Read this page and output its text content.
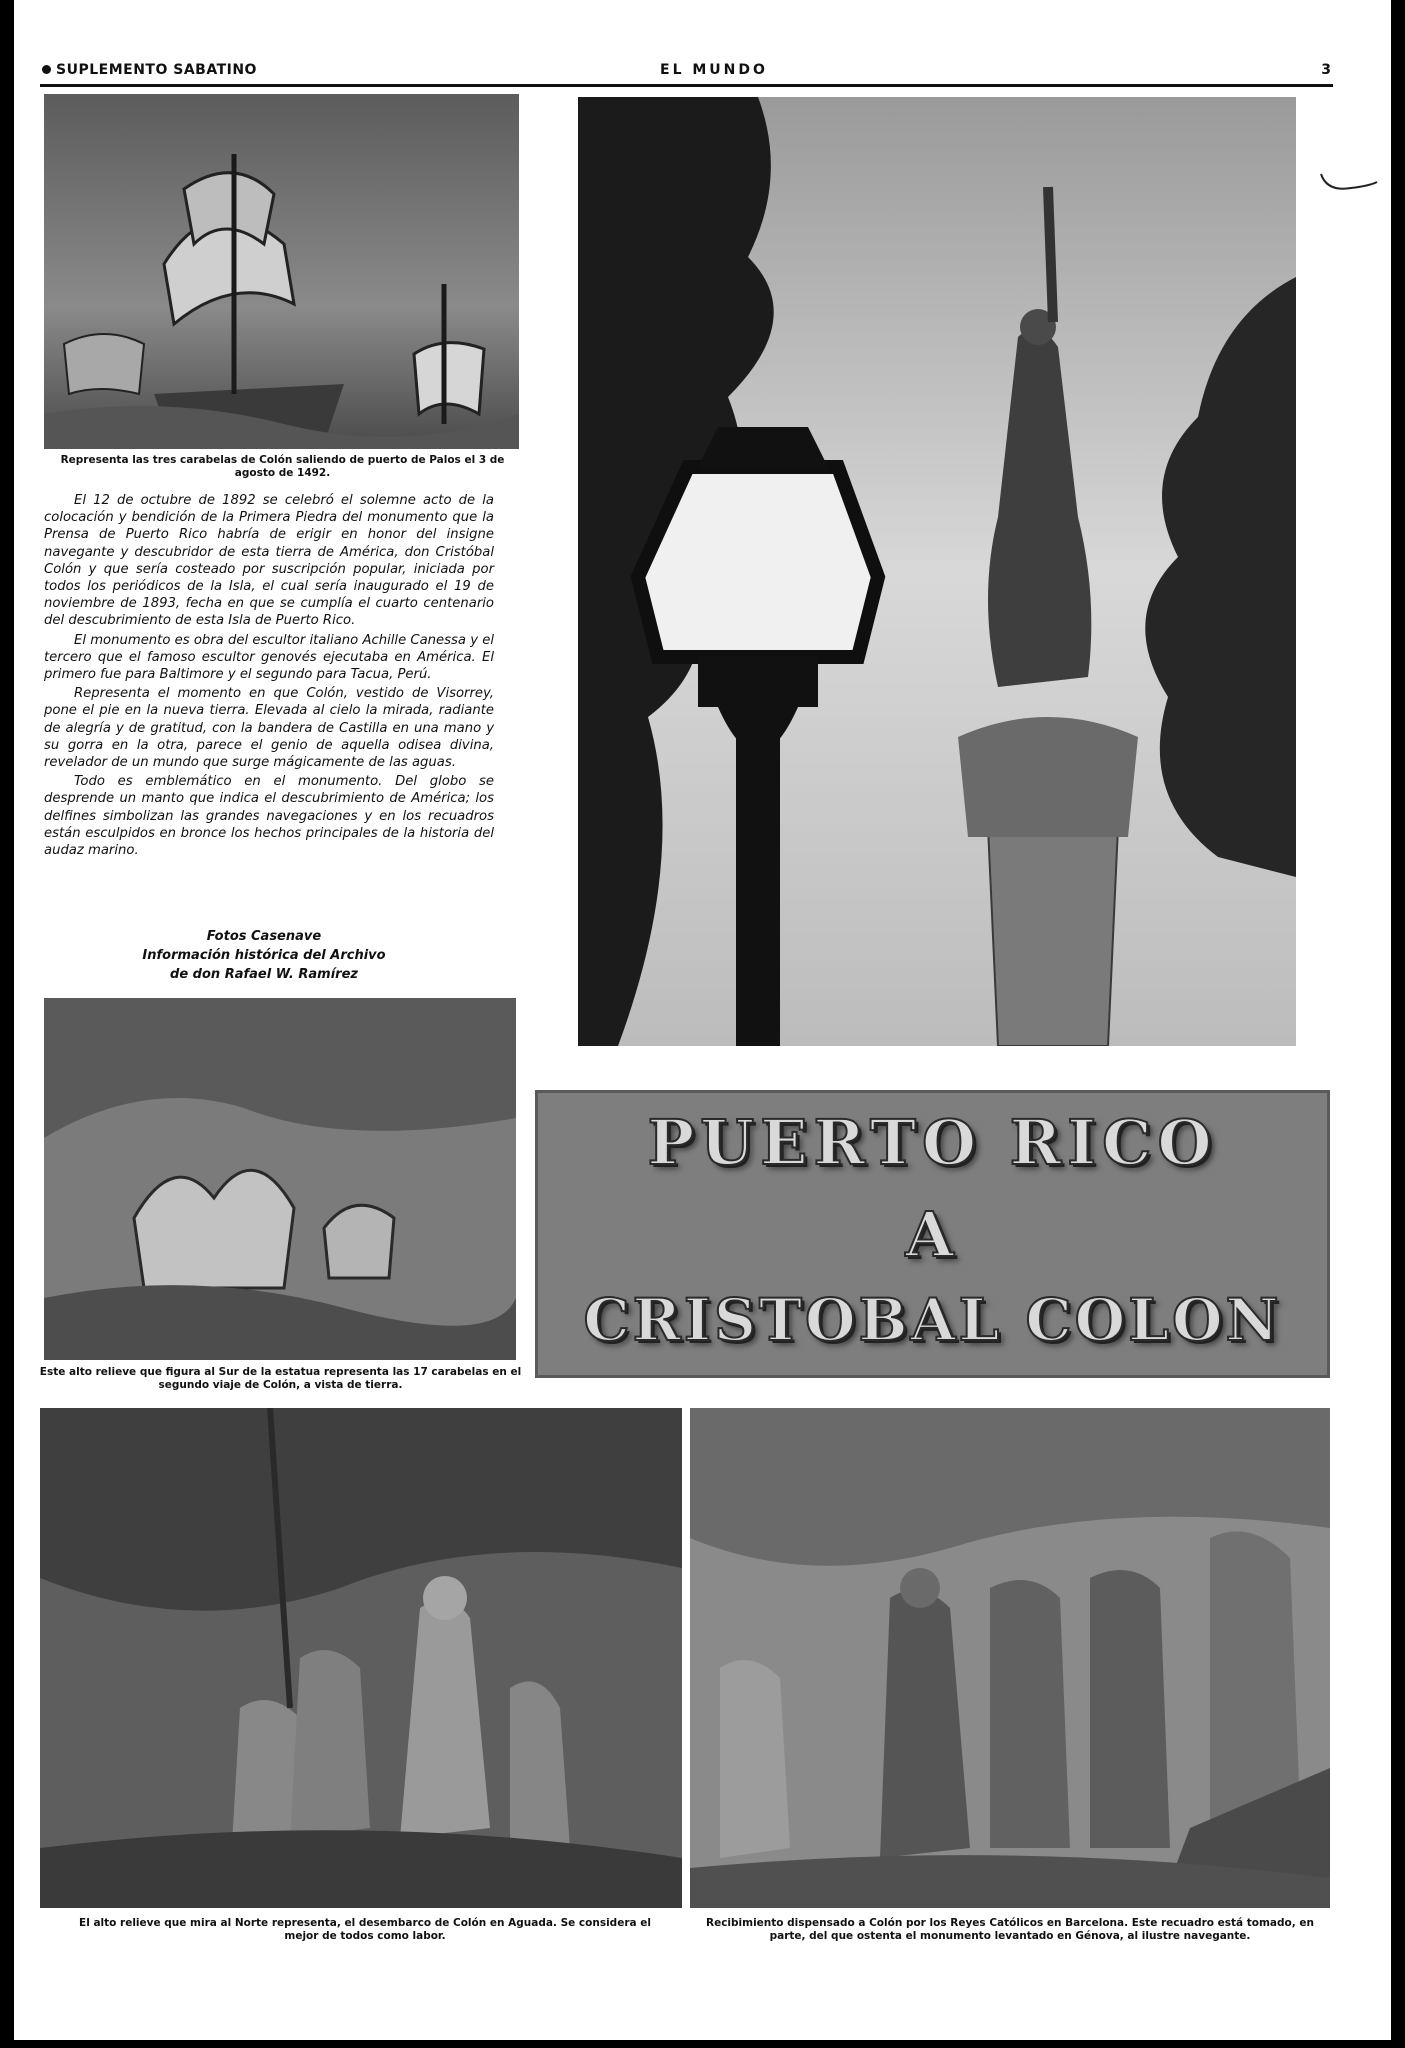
SUPLEMENTO SABATINO	EL MUNDO	3
Representa las tres carabelas de Colón saliendo de puerto de Palos el 3 de agosto de 1492.

El 12 de octubre de 1892 se celebró el solemne acto de la colocación y bendición de la Primera Piedra del monumento que la Prensa de Puerto Rico habría de erigir en honor del insigne navegante y descubridor de esta tierra de América, don Cristóbal Colón y que sería costeado por suscripción popular, iniciada por todos los periódicos de la Isla, el cual sería inaugurado el 19 de noviembre de 1893, fecha en que se cumplía el cuarto centenario del descubrimiento de esta Isla de Puerto Rico.

El monumento es obra del escultor italiano Achille Canessa y el tercero que el famoso escultor genovés ejecutaba en América. El primero fue para Baltimore y el segundo para Tacua, Perú.

Representa el momento en que Colón, vestido de Visorrey, pone el pie en la nueva tierra. Elevada al cielo la mirada, radiante de alegría y de gratitud, con la bandera de Castilla en una mano y su gorra en la otra, parece el genio de aquella odisea divina, revelador de un mundo que surge mágicamente de las aguas.

Todo es emblemático en el monumento. Del globo se desprende un manto que indica el descubrimiento de América; los delfines simbolizan las grandes navegaciones y en los recuadros están esculpidos en bronce los hechos principales de la historia del audaz marino.

Fotos Casenave
Información histórica del Archivo
de don Rafael W. Ramírez
Este alto relieve que figura al Sur de la estatua representa las 17 carabelas en el segundo viaje de Colón, a vista de tierra.
PUERTO RICO
A
CRISTOBAL COLON
El alto relieve que mira al Norte representa, el desembarco de Colón en Aguada. Se considera el mejor de todos como labor.
Recibimiento dispensado a Colón por los Reyes Católicos en Barcelona. Este recuadro está tomado, en parte, del que ostenta el monumento levantado en Génova, al ilustre navegante.
